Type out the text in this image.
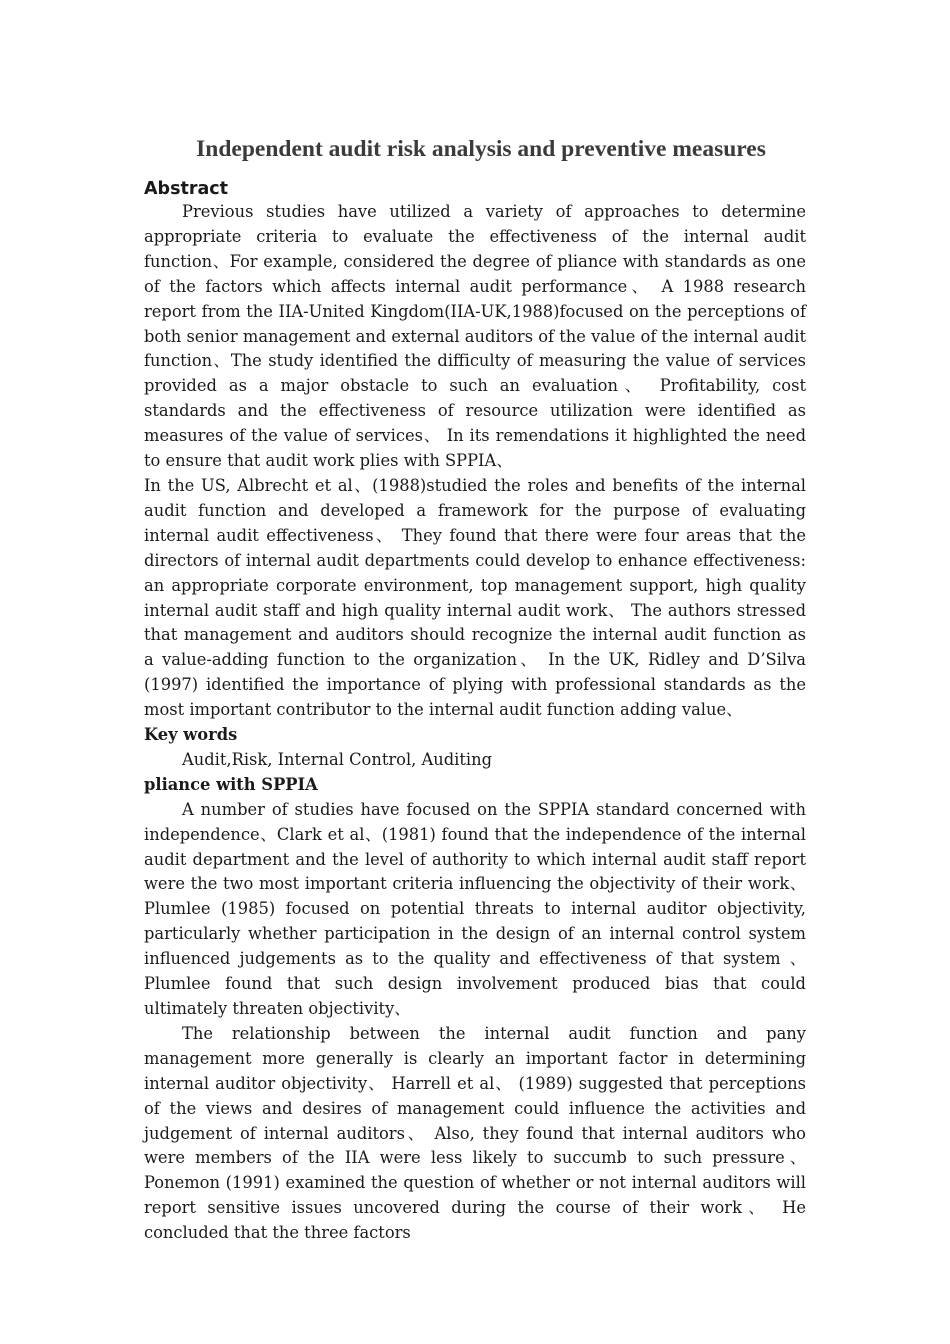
Independent audit risk analysis and preventive measures
Abstract

Previous studies have utilized a variety of approaches to determine appropriate criteria to evaluate the effectiveness of the internal audit function、For example, considered the degree of pliance with standards as one of the factors which affects internal audit performance、 A 1988 research report from the IIA-United Kingdom(IIA-UK,1988)focused on the perceptions of both senior management and external auditors of the value of the internal audit function、The study identified the difficulty of measuring the value of services provided as a major obstacle to such an evaluation、 Profitability, cost standards and the effectiveness of resource utilization were identified as measures of the value of services、 In its remendations it highlighted the need to ensure that audit work plies with SPPIA、

In the US, Albrecht et al、(1988)studied the roles and benefits of the internal audit function and developed a framework for the purpose of evaluating internal audit effectiveness、 They found that there were four areas that the directors of internal audit departments could develop to enhance effectiveness: an appropriate corporate environment, top management support, high quality internal audit staff and high quality internal audit work、 The authors stressed that management and auditors should recognize the internal audit function as a value-adding function to the organization、 In the UK, Ridley and D’Silva (1997) identified the importance of plying with professional standards as the most important contributor to the internal audit function adding value、

Key words

Audit,Risk, Internal Control, Auditing

pliance with SPPIA

A number of studies have focused on the SPPIA standard concerned with independence、Clark et al、(1981) found that the independence of the internal audit department and the level of authority to which internal audit staff report were the two most important criteria influencing the objectivity of their work、Plumlee (1985) focused on potential threats to internal auditor objectivity, particularly whether participation in the design of an internal control system influenced judgements as to the quality and effectiveness of that system 、 Plumlee found that such design involvement produced bias that could ultimately threaten objectivity、

The relationship between the internal audit function and pany management more generally is clearly an important factor in determining internal auditor objectivity、 Harrell et al、 (1989) suggested that perceptions of the views and desires of management could influence the activities and judgement of internal auditors、 Also, they found that internal auditors who were members of the IIA were less likely to succumb to such pressure、Ponemon (1991) examined the question of whether or not internal auditors will report sensitive issues uncovered during the course of their work、 He concluded that the three factors
